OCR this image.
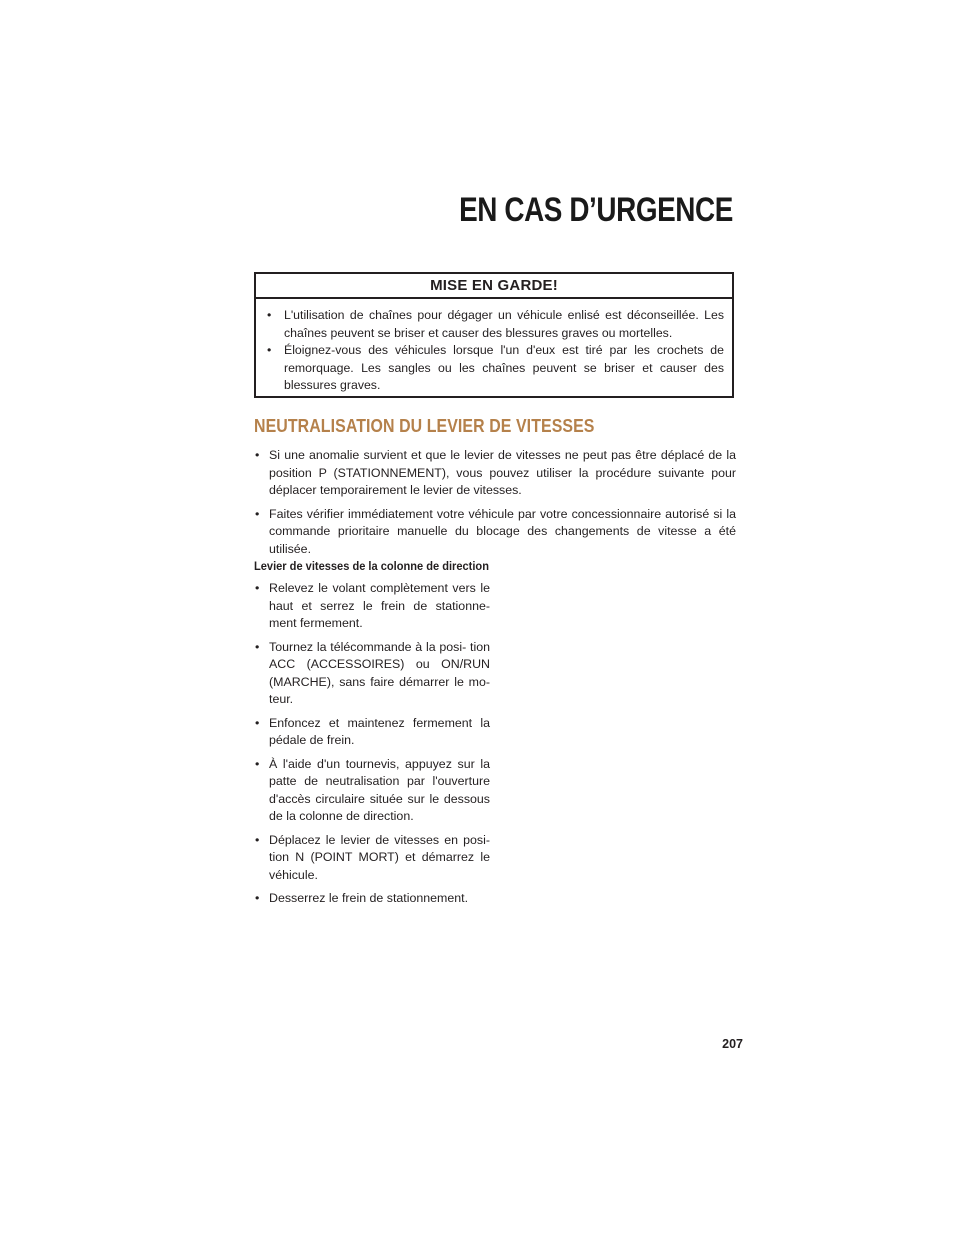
EN CAS D’URGENCE
MISE EN GARDE!
• L'utilisation de chaînes pour dégager un véhicule enlisé est déconseillée. Les chaînes peuvent se briser et causer des blessures graves ou mortelles.
• Éloignez-vous des véhicules lorsque l'un d'eux est tiré par les crochets de remorquage. Les sangles ou les chaînes peuvent se briser et causer des blessures graves.
NEUTRALISATION DU LEVIER DE VITESSES
• Si une anomalie survient et que le levier de vitesses ne peut pas être déplacé de la position P (STATIONNEMENT), vous pouvez utiliser la procédure suivante pour déplacer temporairement le levier de vitesses.
• Faites vérifier immédiatement votre véhicule par votre concessionnaire autorisé si la commande prioritaire manuelle du blocage des changements de vitesse a été utilisée.
Levier de vitesses de la colonne de direction
• Relevez le volant complètement vers le haut et serrez le frein de stationne- ment fermement.
• Tournez la télécommande à la posi- tion ACC (ACCESSOIRES) ou ON/RUN (MARCHE), sans faire démarrer le mo- teur.
• Enfoncez et maintenez fermement la pédale de frein.
• À l'aide d'un tournevis, appuyez sur la patte de neutralisation par l'ouverture d'accès circulaire située sur le dessous de la colonne de direction.
• Déplacez le levier de vitesses en posi- tion N (POINT MORT) et démarrez le véhicule.
• Desserrez le frein de stationnement.

207
